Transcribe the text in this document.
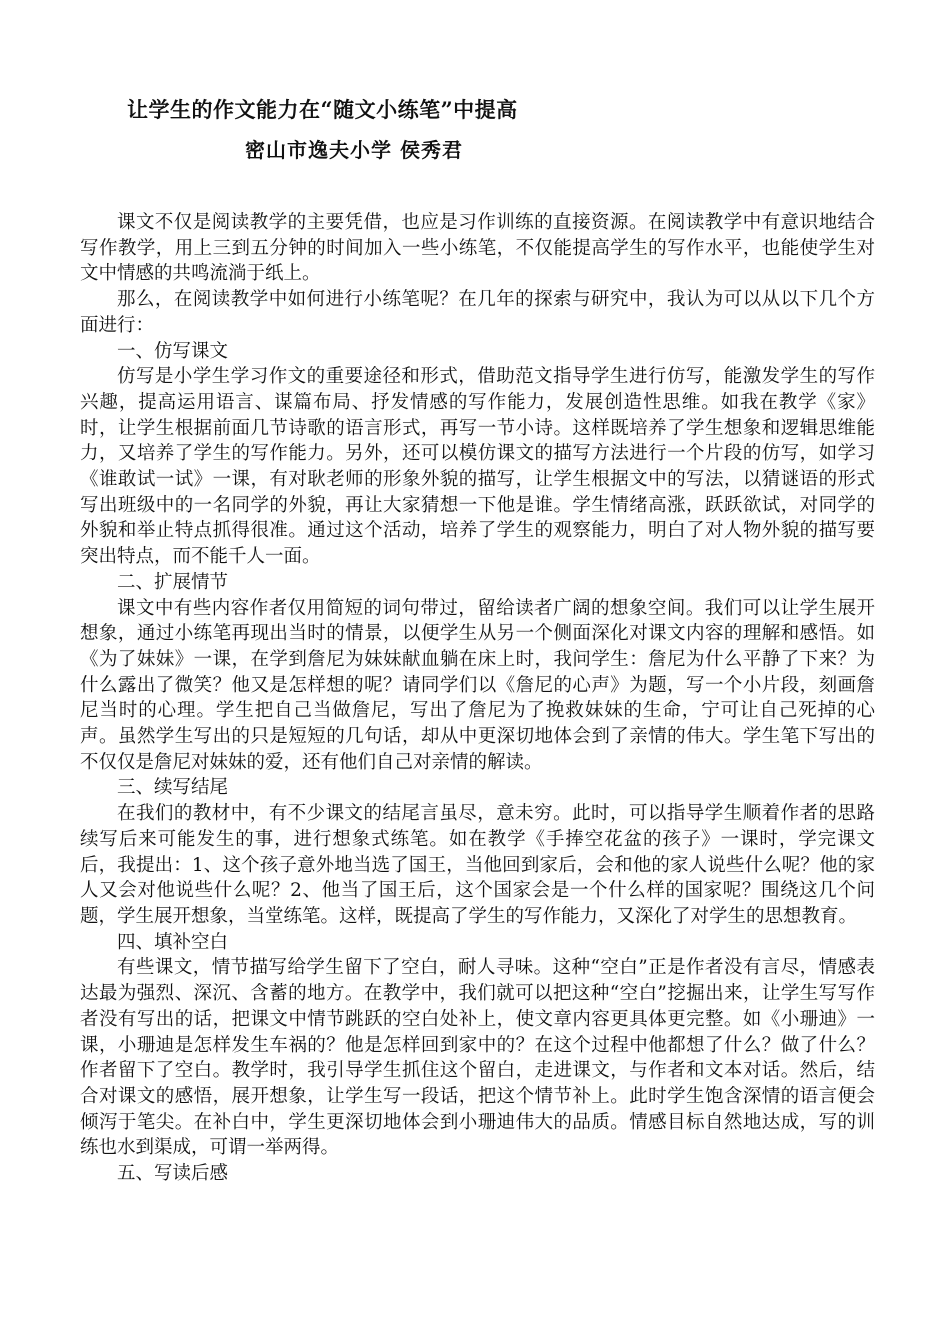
让学生的作文能力在“随文小练笔”中提高
密山市逸夫小学 侯秀君

课文不仅是阅读教学的主要凭借，也应是习作训练的直接资源。在阅读教学中有意识地结合写作教学，用上三到五分钟的时间加入一些小练笔，不仅能提高学生的写作水平，也能使学生对文中情感的共鸣流淌于纸上。

那么，在阅读教学中如何进行小练笔呢？在几年的探索与研究中，我认为可以从以下几个方面进行：

一、仿写课文

仿写是小学生学习作文的重要途径和形式，借助范文指导学生进行仿写，能激发学生的写作兴趣，提高运用语言、谋篇布局、抒发情感的写作能力，发展创造性思维。如我在教学《家》时，让学生根据前面几节诗歌的语言形式，再写一节小诗。这样既培养了学生想象和逻辑思维能力，又培养了学生的写作能力。另外，还可以模仿课文的描写方法进行一个片段的仿写，如学习《谁敢试一试》一课，有对耿老师的形象外貌的描写，让学生根据文中的写法，以猜谜语的形式写出班级中的一名同学的外貌，再让大家猜想一下他是谁。学生情绪高涨，跃跃欲试，对同学的外貌和举止特点抓得很准。通过这个活动，培养了学生的观察能力，明白了对人物外貌的描写要突出特点，而不能千人一面。

二、扩展情节

课文中有些内容作者仅用简短的词句带过，留给读者广阔的想象空间。我们可以让学生展开想象，通过小练笔再现出当时的情景，以便学生从另一个侧面深化对课文内容的理解和感悟。如《为了妹妹》一课，在学到詹尼为妹妹献血躺在床上时，我问学生：詹尼为什么平静了下来？为什么露出了微笑？他又是怎样想的呢？请同学们以《詹尼的心声》为题，写一个小片段，刻画詹尼当时的心理。学生把自己当做詹尼，写出了詹尼为了挽救妹妹的生命，宁可让自己死掉的心声。虽然学生写出的只是短短的几句话，却从中更深切地体会到了亲情的伟大。学生笔下写出的不仅仅是詹尼对妹妹的爱，还有他们自己对亲情的解读。

三、续写结尾

在我们的教材中，有不少课文的结尾言虽尽，意未穷。此时，可以指导学生顺着作者的思路续写后来可能发生的事，进行想象式练笔。如在教学《手捧空花盆的孩子》一课时，学完课文后，我提出：1、这个孩子意外地当选了国王，当他回到家后，会和他的家人说些什么呢？他的家人又会对他说些什么呢？2、他当了国王后，这个国家会是一个什么样的国家呢？围绕这几个问题，学生展开想象，当堂练笔。这样，既提高了学生的写作能力，又深化了对学生的思想教育。

四、填补空白

有些课文，情节描写给学生留下了空白，耐人寻味。这种“空白”正是作者没有言尽，情感表达最为强烈、深沉、含蓄的地方。在教学中，我们就可以把这种“空白”挖掘出来，让学生写写作者没有写出的话，把课文中情节跳跃的空白处补上，使文章内容更具体更完整。如《小珊迪》一课，小珊迪是怎样发生车祸的？他是怎样回到家中的？在这个过程中他都想了什么？做了什么？作者留下了空白。教学时，我引导学生抓住这个留白，走进课文，与作者和文本对话。然后，结合对课文的感悟，展开想象，让学生写一段话，把这个情节补上。此时学生饱含深情的语言便会倾泻于笔尖。在补白中，学生更深切地体会到小珊迪伟大的品质。情感目标自然地达成，写的训练也水到渠成，可谓一举两得。

五、写读后感
